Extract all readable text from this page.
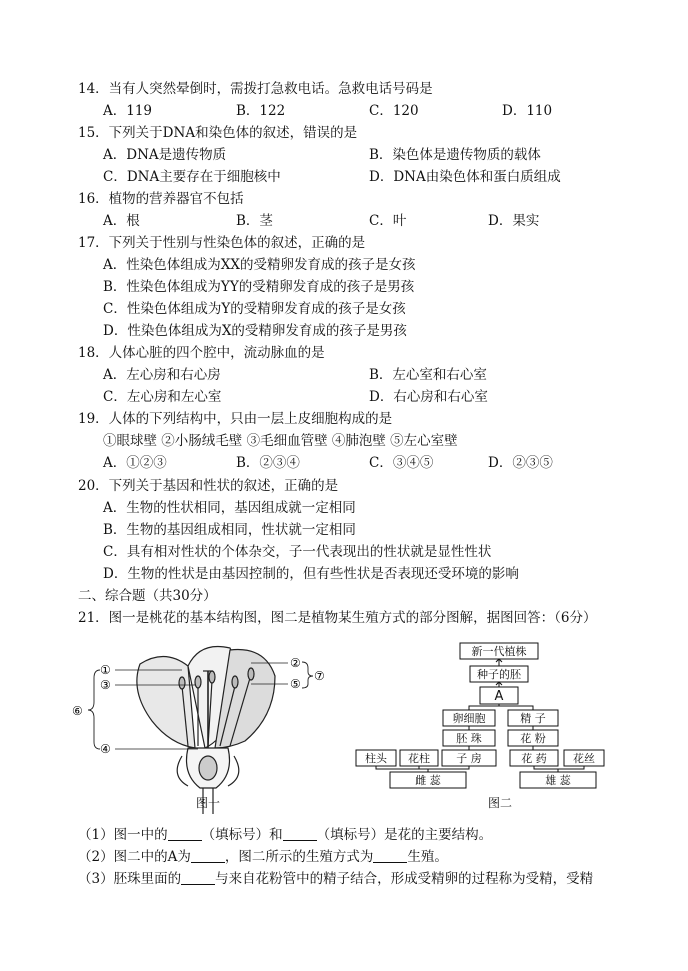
14．当有人突然晕倒时，需拨打急救电话。急救电话号码是
A．119	B．122	C．120	D．110
15．下列关于DNA和染色体的叙述，错误的是
A．DNA是遗传物质	B．染色体是遗传物质的载体
C．DNA主要存在于细胞核中	D．DNA由染色体和蛋白质组成
16．植物的营养器官不包括
A．根	B．茎	C．叶	D．果实
17．下列关于性别与性染色体的叙述，正确的是
A．性染色体组成为XX的受精卵发育成的孩子是女孩
B．性染色体组成为YY的受精卵发育成的孩子是男孩
C．性染色体组成为Y的受精卵发育成的孩子是女孩
D．性染色体组成为X的受精卵发育成的孩子是男孩
18．人体心脏的四个腔中，流动脉血的是
A．左心房和右心房	B．左心室和右心室
C．左心房和左心室	D．右心房和右心室
19．人体的下列结构中，只由一层上皮细胞构成的是
①眼球壁 ②小肠绒毛壁 ③毛细血管壁 ④肺泡壁 ⑤左心室壁
A．①②③	B．②③④	C．③④⑤	D．②③⑤
20．下列关于基因和性状的叙述，正确的是
A．生物的性状相同，基因组成就一定相同
B．生物的基因组成相同，性状就一定相同
C．具有相对性状的个体杂交，子一代表现出的性状就是显性性状
D．生物的性状是由基因控制的，但有些性状是否表现还受环境的影响
二、综合题（共30分）
21．图一是桃花的基本结构图，图二是植物某生殖方式的部分图解，据图回答：（6分）
①
③
⑥
④
②
⑤
⑦
图一
新一代植株
种子的胚
A
卵细胞	精 子
胚 珠	花 粉
柱头 花柱 子 房	花 药 花丝
雌 蕊	雄 蕊
图二
（1）图一中的	（填标号）和	（填标号）是花的主要结构。
（2）图二中的A为	，图二所示的生殖方式为	生殖。
（3）胚珠里面的	与来自花粉管中的精子结合，形成受精卵的过程称为受精，受精
